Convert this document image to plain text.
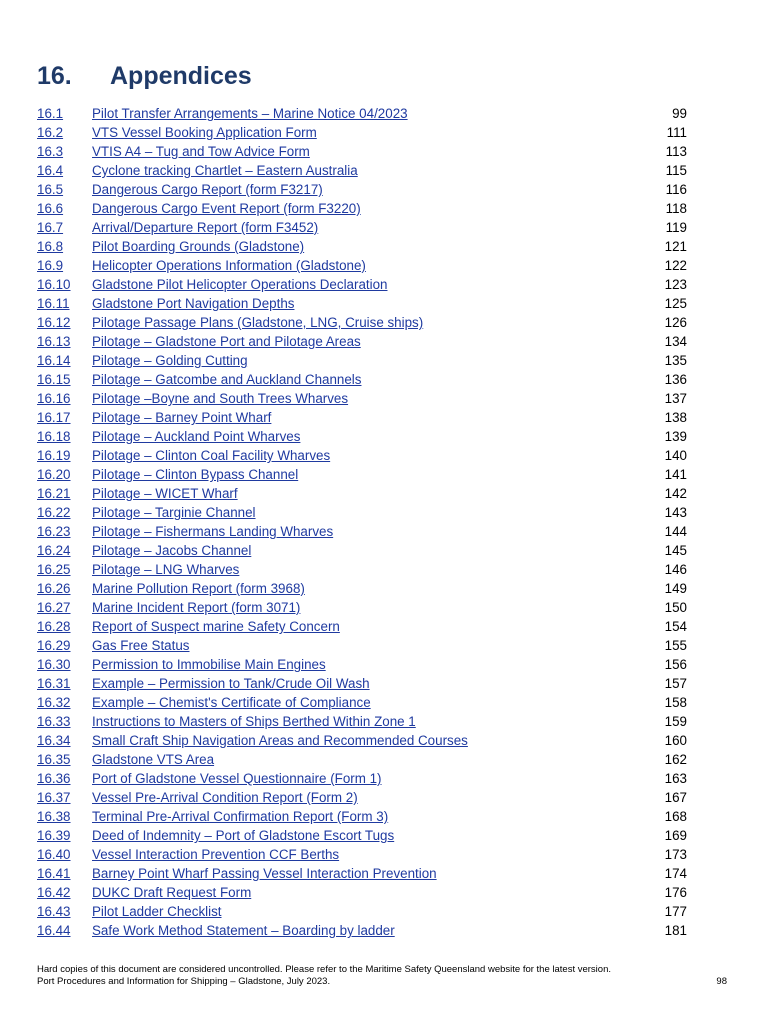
16.	Appendices
16.1	Pilot Transfer Arrangements – Marine Notice 04/2023	99
16.2	VTS Vessel Booking Application Form	111
16.3	VTIS A4 – Tug and Tow Advice Form	113
16.4	Cyclone tracking Chartlet – Eastern Australia	115
16.5	Dangerous Cargo Report (form F3217)	116
16.6	Dangerous Cargo Event Report (form F3220)	118
16.7	Arrival/Departure Report (form F3452)	119
16.8	Pilot Boarding Grounds (Gladstone)	121
16.9	Helicopter Operations Information (Gladstone)	122
16.10	Gladstone Pilot Helicopter Operations Declaration	123
16.11	Gladstone Port Navigation Depths	125
16.12	Pilotage Passage Plans (Gladstone, LNG, Cruise ships)	126
16.13	Pilotage – Gladstone Port and Pilotage Areas	134
16.14	Pilotage – Golding Cutting	135
16.15	Pilotage – Gatcombe and Auckland Channels	136
16.16	Pilotage –Boyne and South Trees Wharves	137
16.17	Pilotage – Barney Point Wharf	138
16.18	Pilotage – Auckland Point Wharves	139
16.19	Pilotage – Clinton Coal Facility Wharves	140
16.20	Pilotage – Clinton Bypass Channel	141
16.21	Pilotage – WICET Wharf	142
16.22	Pilotage – Targinie Channel	143
16.23	Pilotage – Fishermans Landing Wharves	144
16.24	Pilotage – Jacobs Channel	145
16.25	Pilotage – LNG Wharves	146
16.26	Marine Pollution Report (form 3968)	149
16.27	Marine Incident Report (form 3071)	150
16.28	Report of Suspect marine Safety Concern	154
16.29	Gas Free Status	155
16.30	Permission to Immobilise Main Engines	156
16.31	Example – Permission to Tank/Crude Oil Wash	157
16.32	Example – Chemist's Certificate of Compliance	158
16.33	Instructions to Masters of Ships Berthed Within Zone 1	159
16.34	Small Craft Ship Navigation Areas and Recommended Courses	160
16.35	Gladstone VTS Area	162
16.36	Port of Gladstone Vessel Questionnaire (Form 1)	163
16.37	Vessel Pre-Arrival Condition Report (Form 2)	167
16.38	Terminal Pre-Arrival Confirmation Report (Form 3)	168
16.39	Deed of Indemnity – Port of Gladstone Escort Tugs	169
16.40	Vessel Interaction Prevention CCF Berths	173
16.41	Barney Point Wharf Passing Vessel Interaction Prevention	174
16.42	DUKC Draft Request Form	176
16.43	Pilot Ladder Checklist	177
16.44	Safe Work Method Statement – Boarding by ladder	181
Hard copies of this document are considered uncontrolled. Please refer to the Maritime Safety Queensland website for the latest version.
Port Procedures and Information for Shipping – Gladstone, July 2023.	98
